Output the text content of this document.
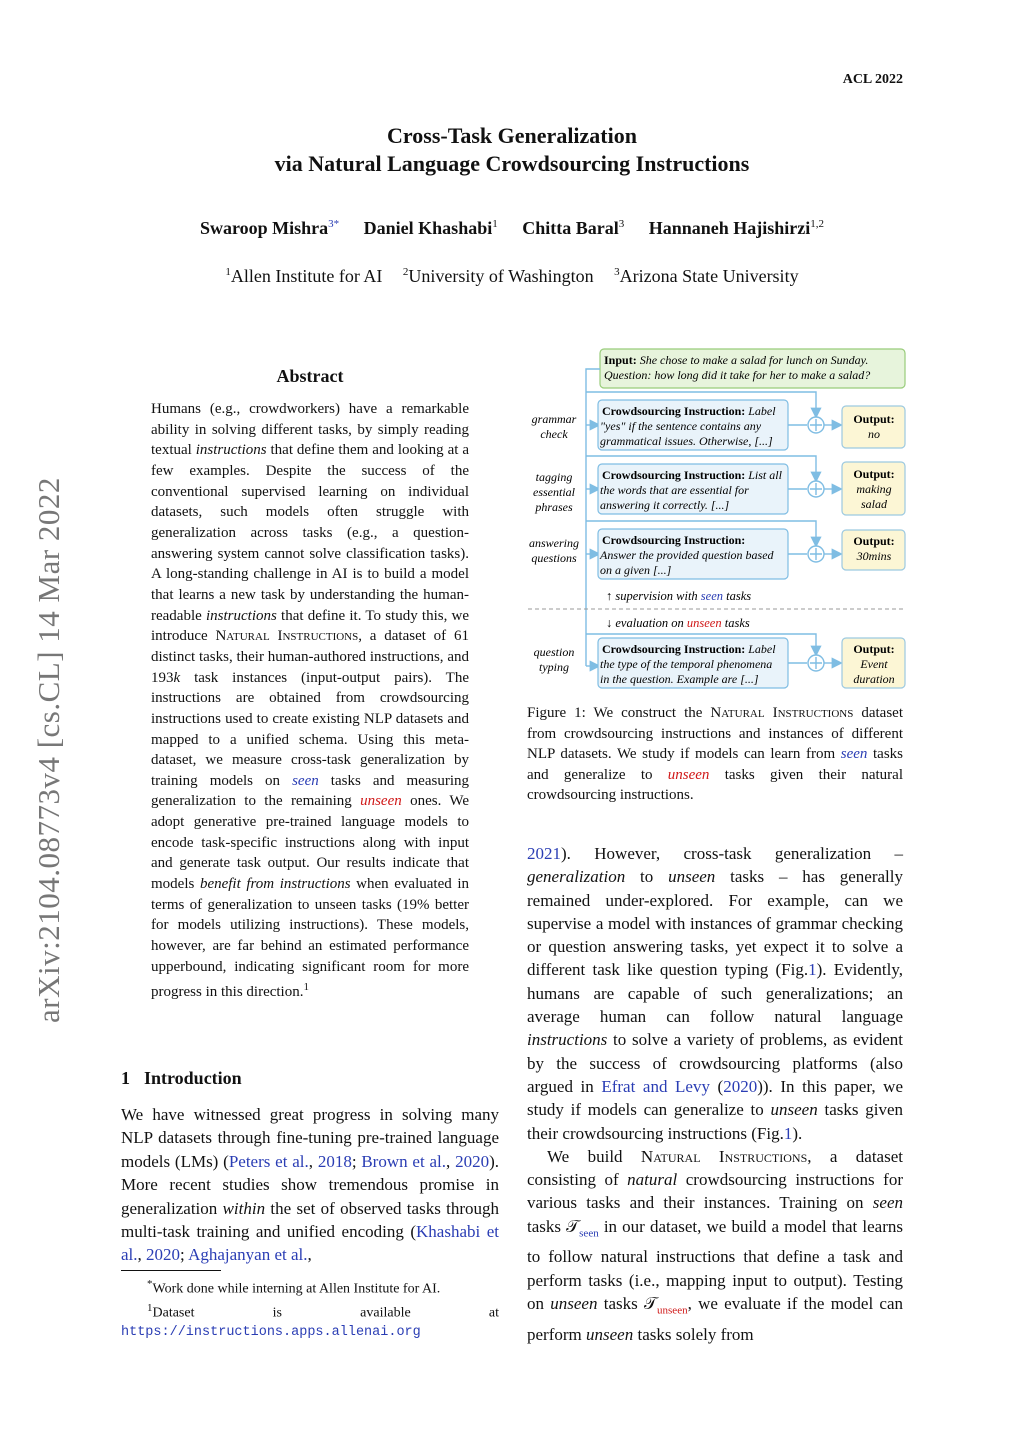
ACL 2022
Cross-Task Generalization
via Natural Language Crowdsourcing Instructions
Swaroop Mishra$^{3*}$ Daniel Khashabi$^1$ Chitta Baral$^3$ Hannaneh Hajishirzi$^{1,2}$
$^1$Allen Institute for AI $^2$University of Washington $^3$Arizona State University
arXiv:2104.08773v4 [cs.CL] 14 Mar 2022
Abstract
Humans (e.g., crowdworkers) have a remarkable ability in solving different tasks, by simply reading textual instructions that define them and looking at a few examples. Despite the success of the conventional supervised learning on individual datasets, such models often struggle with generalization across tasks (e.g., a question-answering system cannot solve classification tasks). A long-standing challenge in AI is to build a model that learns a new task by understanding the human-readable instructions that define it. To study this, we introduce Natural Instructions, a dataset of 61 distinct tasks, their human-authored instructions, and 193k task instances (input-output pairs). The instructions are obtained from crowdsourcing instructions used to create existing NLP datasets and mapped to a unified schema. Using this meta-dataset, we measure cross-task generalization by training models on seen tasks and measuring generalization to the remaining unseen ones. We adopt generative pre-trained language models to encode task-specific instructions along with input and generate task output. Our results indicate that models benefit from instructions when evaluated in terms of generalization to unseen tasks (19% better for models utilizing instructions). These models, however, are far behind an estimated performance upperbound, indicating significant room for more progress in this direction.$^1$
1 Introduction
We have witnessed great progress in solving many NLP datasets through fine-tuning pre-trained language models (LMs) (Peters et al., 2018; Brown et al., 2020). More recent studies show tremendous promise in generalization within the set of observed tasks through multi-task training and unified encoding (Khashabi et al., 2020; Aghajanyan et al.,
*Work done while interning at Allen Institute for AI.
$^1$Dataset is available at https://instructions.apps.allenai.org
Input: She chose to make a salad for lunch on Sunday.
Question: how long did it take for her to make a salad?
grammar
check
Crowdsourcing Instruction: Label
"yes" if the sentence contains any
grammatical issues. Otherwise, [...]
Output:
no
tagging
essential
phrases
Crowdsourcing Instruction: List all
the words that are essential for
answering it correctly. [...]
Output:
making
salad
answering
questions
Crowdsourcing Instruction:
Answer the provided question based
on a given [...]
Output:
30mins
↑ supervision with seen tasks
↓ evaluation on unseen tasks
question
typing
Crowdsourcing Instruction: Label
the type of the temporal phenomena
in the question. Example are [...]
Output:
Event
duration
Figure 1: We construct the Natural Instructions dataset from crowdsourcing instructions and instances of different NLP datasets. We study if models can learn from seen tasks and generalize to unseen tasks given their natural crowdsourcing instructions.

2021). However, cross-task generalization – generalization to unseen tasks – has generally remained under-explored. For example, can we supervise a model with instances of grammar checking or question answering tasks, yet expect it to solve a different task like question typing (Fig.1). Evidently, humans are capable of such generalizations; an average human can follow natural language instructions to solve a variety of problems, as evident by the success of crowdsourcing platforms (also argued in Efrat and Levy (2020)). In this paper, we study if models can generalize to unseen tasks given their crowdsourcing instructions (Fig.1).

We build Natural Instructions, a dataset consisting of natural crowdsourcing instructions for various tasks and their instances. Training on seen tasks 𝒯$_{seen}$ in our dataset, we build a model that learns to follow natural instructions that define a task and perform tasks (i.e., mapping input to output). Testing on unseen tasks 𝒯$_{unseen}$, we evaluate if the model can perform unseen tasks solely from
